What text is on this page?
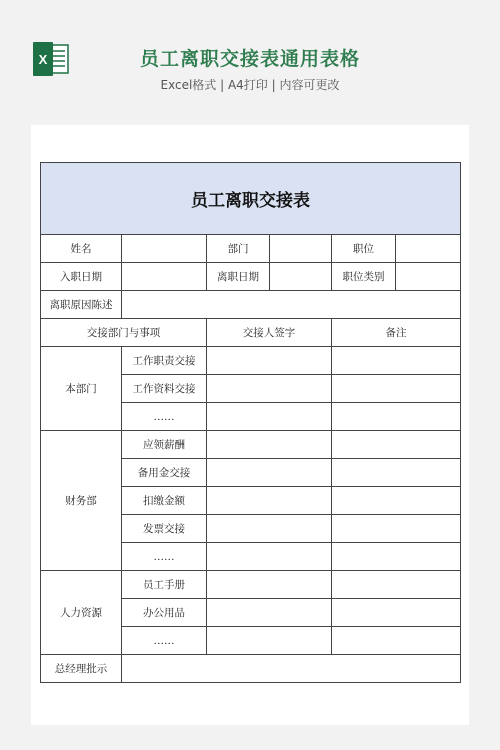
X	员工离职交接表通用表格
Excel格式 | A4打印 | 内容可更改
员工离职交接表					
姓名		部门		职位	
入职日期		离职日期		职位类别	
离职原因陈述					
交接部门与事项		交接人签字		备注	
本部门	工作职责交接				
	工作资料交接				
	……				
财务部	应领薪酬				
	备用金交接				
	扣缴金额				
	发票交接				
	……				
人力资源	员工手册				
	办公用品				
	……				
总经理批示					
